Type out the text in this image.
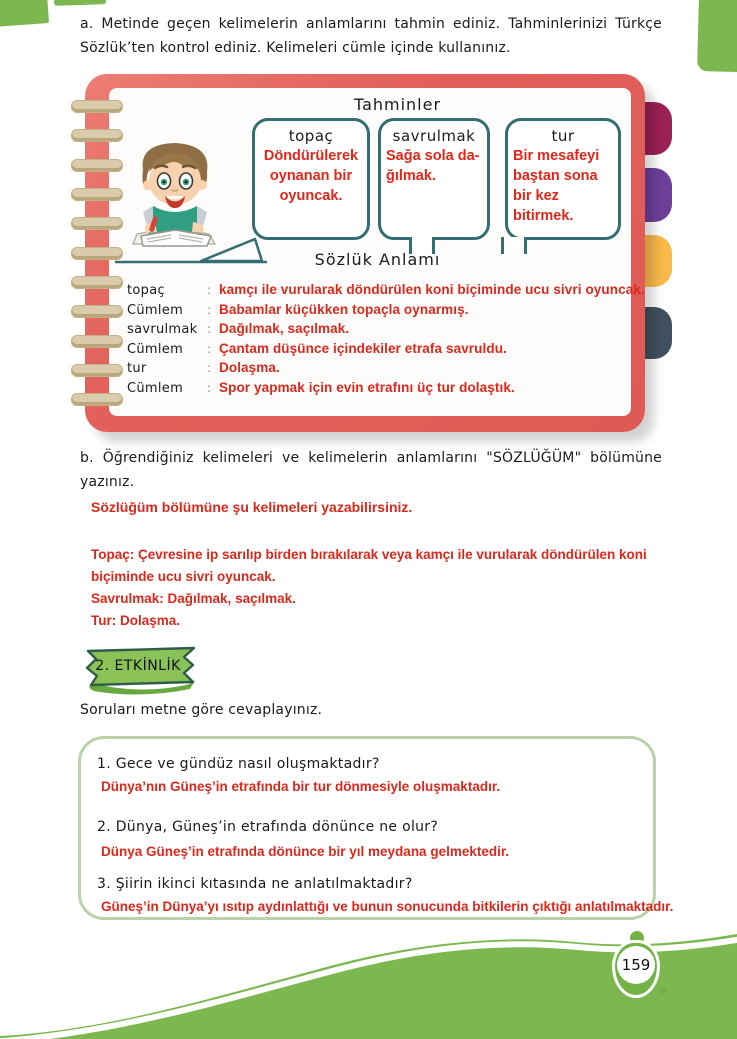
a. Metinde geçen kelimelerin anlamlarını tahmin ediniz. Tahminlerinizi Türkçe Sözlük’ten kontrol ediniz. Kelimeleri cümle içinde kullanınız.

Tahminler

topaç

Döndürülerek oynanan bir oyuncak.

savrulmak

Sağa sola da-ğılmak.

tur

Bir mesafeyi baştan sona bir kez bitirmek.

Sözlük Anlamı

topaç	: kamçı ile vurularak döndürülen koni biçiminde ucu sivri oyuncak.
Cümlem	: Babamlar küçükken topaçla oynarmış.
savrulmak : Dağılmak, saçılmak.
Cümlem	: Çantam düşünce içindekiler etrafa savruldu.
tur	: Dolaşma.
Cümlem	: Spor yapmak için evin etrafını üç tur dolaştık.

b. Öğrendiğiniz kelimeleri ve kelimelerin anlamlarını "SÖZLÜĞÜM" bölümüne yazınız.

Sözlüğüm bölümüne şu kelimeleri yazabilirsiniz.

Topaç: Çevresine ip sarılıp birden bırakılarak veya kamçı ile vurularak döndürülen koni biçiminde ucu sivri oyuncak.

Savrulmak: Dağılmak, saçılmak.

Tur: Dolaşma.

2. ETKİNLİK

Soruları metne göre cevaplayınız.

1. Gece ve gündüz nasıl oluşmaktadır?

Dünya’nın Güneş’in etrafında bir tur dönmesiyle oluşmaktadır.

2. Dünya, Güneş’in etrafında dönünce ne olur?

Dünya Güneş’in etrafında dönünce bir yıl meydana gelmektedir.

3. Şiirin ikinci kıtasında ne anlatılmaktadır?

Güneş’in Dünya’yı ısıtıp aydınlattığı ve bunun sonucunda bitkilerin çıktığı anlatılmaktadır.

159
